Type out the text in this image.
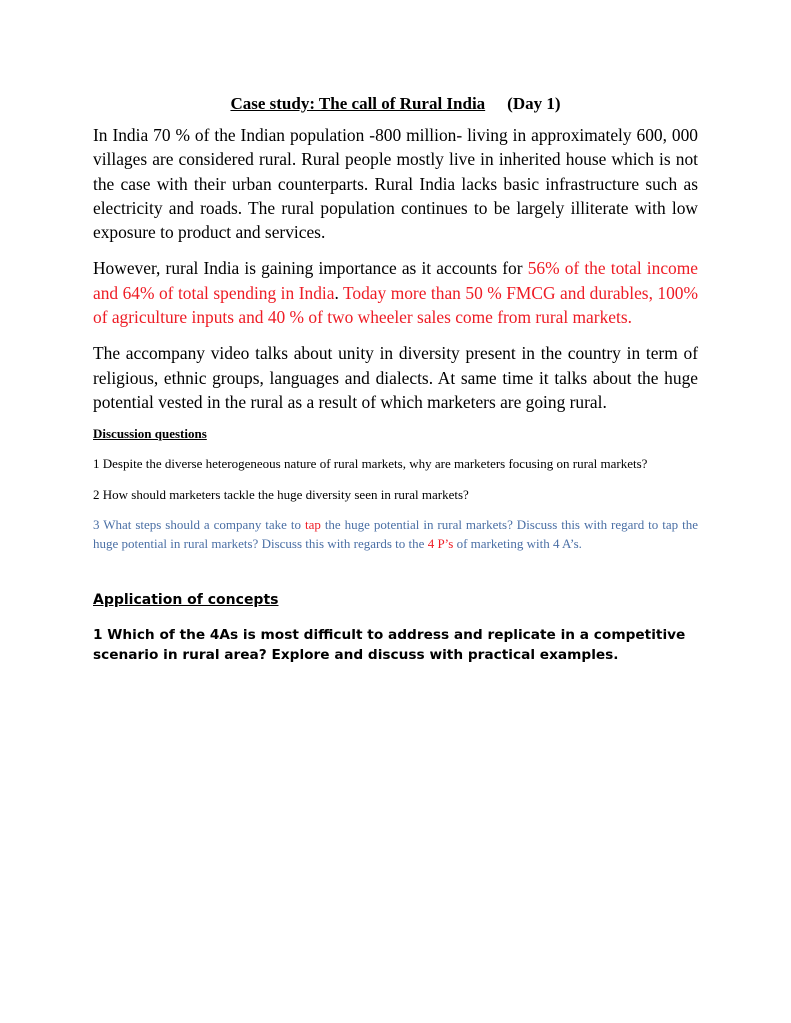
Case study: The call of Rural India (Day 1)

In India 70 % of the Indian population -800 million- living in approximately 600, 000 villages are considered rural. Rural people mostly live in inherited house which is not the case with their urban counterparts. Rural India lacks basic infrastructure such as electricity and roads. The rural population continues to be largely illiterate with low exposure to product and services.

However, rural India is gaining importance as it accounts for 56% of the total income and 64% of total spending in India. Today more than 50 % FMCG and durables, 100% of agriculture inputs and 40 % of two wheeler sales come from rural markets.

The accompany video talks about unity in diversity present in the country in term of religious, ethnic groups, languages and dialects. At same time it talks about the huge potential vested in the rural as a result of which marketers are going rural.

Discussion questions

1 Despite the diverse heterogeneous nature of rural markets, why are marketers focusing on rural markets?

2 How should marketers tackle the huge diversity seen in rural markets?

3 What steps should a company take to tap the huge potential in rural markets? Discuss this with regard to tap the huge potential in rural markets? Discuss this with regards to the 4 P’s of marketing with 4 A’s.

Application of concepts

1 Which of the 4As is most difficult to address and replicate in a competitive scenario in rural area? Explore and discuss with practical examples.
